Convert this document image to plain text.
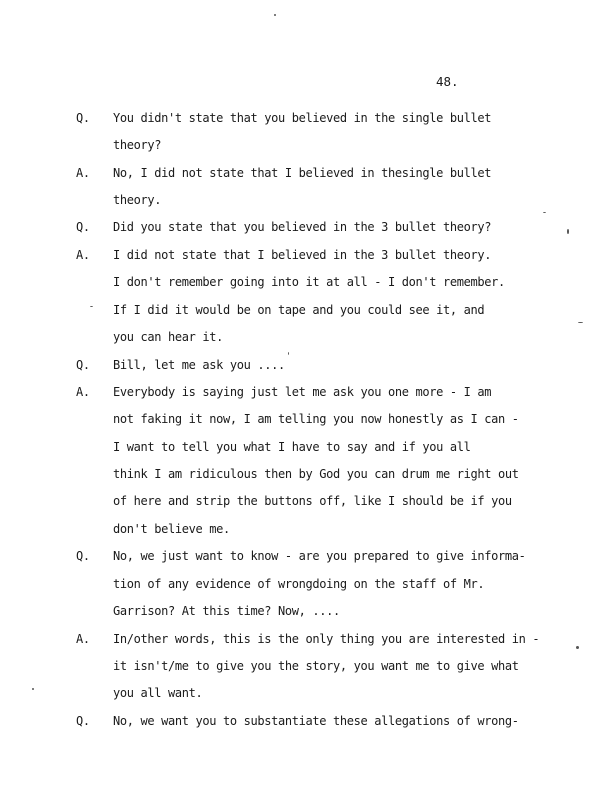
48.

Q.

You didn't state that you believed in the single bullet

theory?

A.

No, I did not state that I believed in thesingle bullet

theory.

Q.

Did you state that you believed in the 3 bullet theory?

A.

I did not state that I believed in the 3 bullet theory.

I don't remember going into it at all - I don't remember.

If I did it would be on tape and you could see it, and

you can hear it.

Q.

Bill, let me ask you ....

A.

Everybody is saying just let me ask you one more - I am

not faking it now, I am telling you now honestly as I can -

I want to tell you what I have to say and if you all

think I am ridiculous then by God you can drum me right out

of here and strip the buttons off, like I should be if you

don't believe me.

Q.

No, we just want to know - are you prepared to give informa-

tion of any evidence of wrongdoing on the staff of Mr.

Garrison? At this time? Now, ....

A.

In/other words, this is the only thing you are interested in -

it isn't/me to give you the story, you want me to give what

you all want.

Q.

No, we want you to substantiate these allegations of wrong-
